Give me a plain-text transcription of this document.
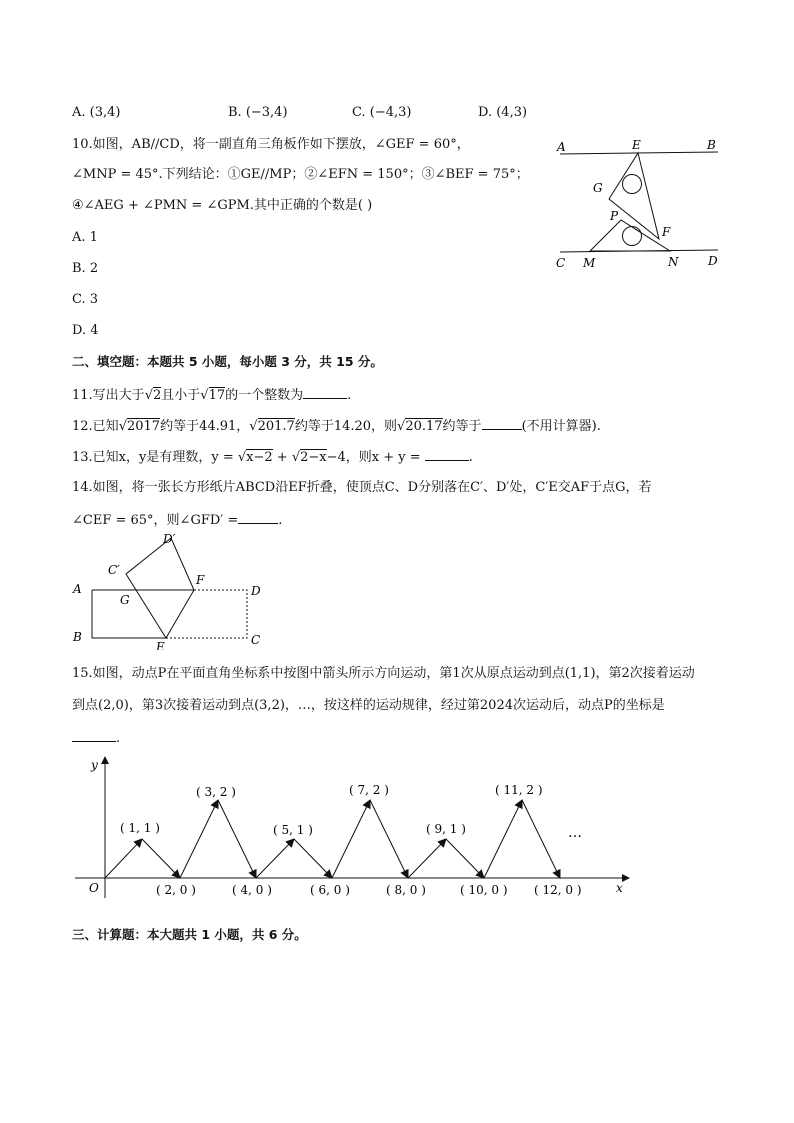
A. (3,4)	B. (−3,4)	C. (−4,3)	D. (4,3)
10.如图，AB//CD，将一副直角三角板作如下摆放，∠GEF = 60°，
∠MNP = 45°.下列结论：①GE//MP；②∠EFN = 150°；③∠BEF = 75°；
④∠AEG + ∠PMN = ∠GPM.其中正确的个数是( )
A. 1
B. 2
C. 3
D. 4
A	E	B
G
P
F
C M	N D
二、填空题：本题共 5 小题，每小题 3 分，共 15 分。
11.写出大于√2且小于√17的一个整数为	.
12.已知√2017约等于44.91，√201.7约等于14.20，则√20.17约等于	(不用计算器).
13.已知x，y是有理数，y = √x−2 + √2−x−4，则x + y =	.
14.如图，将一张长方形纸片ABCD沿EF折叠，使顶点C、D分别落在C′、D′处，C′E交AF于点G，若
∠CEF = 65°，则∠GFD′ =	.
D′
C′
F
A
G
D
B
E	C
15.如图，动点P在平面直角坐标系中按图中箭头所示方向运动，第1次从原点运动到点(1,1)，第2次接着运动
到点(2,0)，第3次接着运动到点(3,2)，…，按这样的运动规律，经过第2024次运动后，动点P的坐标是
.
y
x
O
( 1, 1 )
( 3, 2 )
( 5, 1 )
( 7, 2 )
( 9, 1 )
( 11, 2 )
…
( 2, 0 )	( 4, 0 )	( 6, 0 )	( 8, 0 )	( 10, 0 ) ( 12, 0 )
三、计算题：本大题共 1 小题，共 6 分。
